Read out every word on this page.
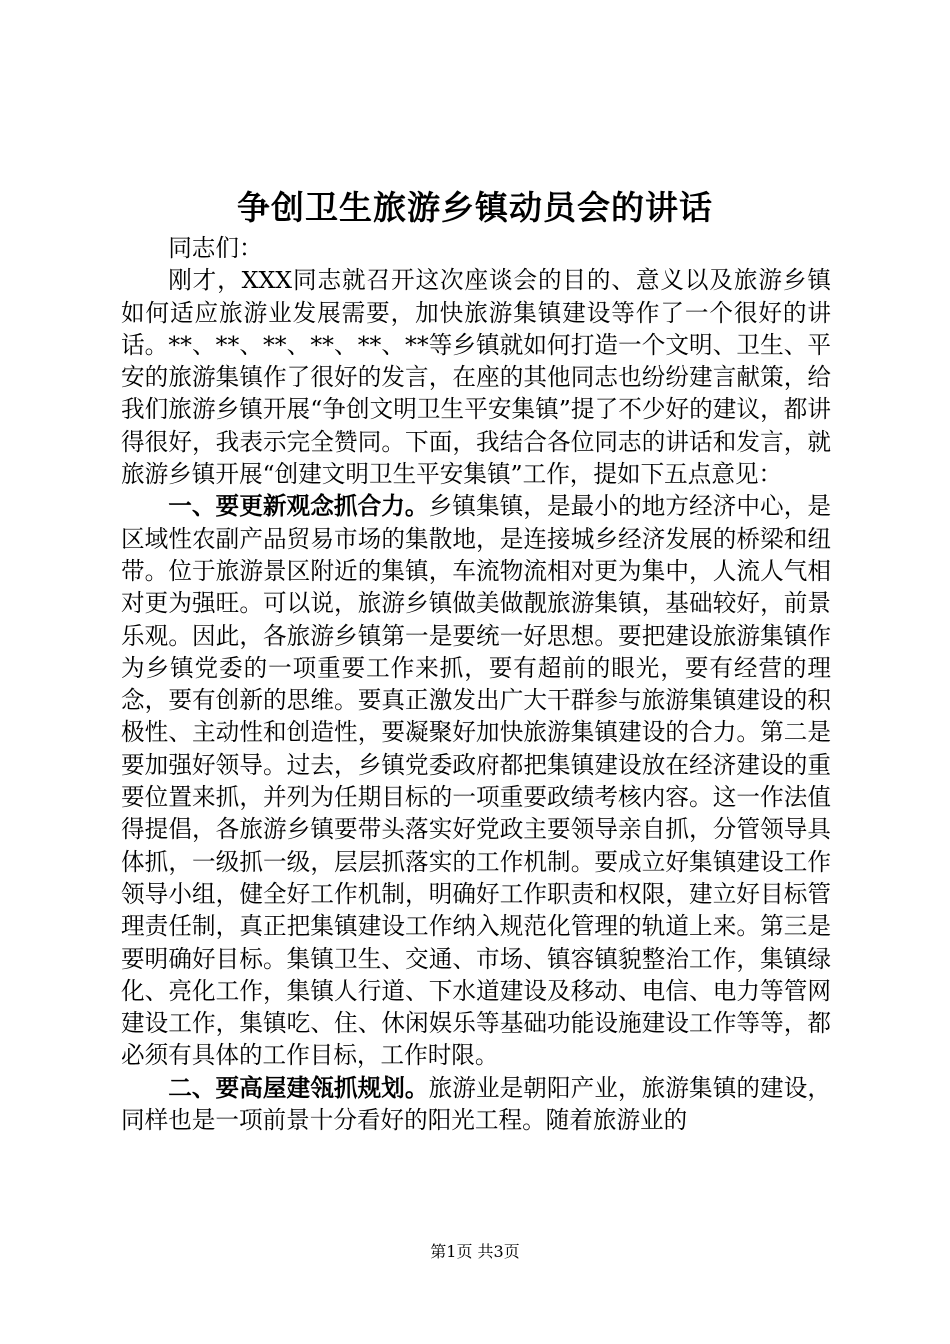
争创卫生旅游乡镇动员会的讲话

同志们：

刚才，XXX同志就召开这次座谈会的目的、意义以及旅游乡镇如何适应旅游业发展需要，加快旅游集镇建设等作了一个很好的讲话。**、**、**、**、**、**等乡镇就如何打造一个文明、卫生、平安的旅游集镇作了很好的发言，在座的其他同志也纷纷建言献策，给我们旅游乡镇开展“争创文明卫生平安集镇”提了不少好的建议，都讲得很好，我表示完全赞同。下面，我结合各位同志的讲话和发言，就旅游乡镇开展“创建文明卫生平安集镇”工作，提如下五点意见：

一、要更新观念抓合力。乡镇集镇，是最小的地方经济中心，是区域性农副产品贸易市场的集散地，是连接城乡经济发展的桥梁和纽带。位于旅游景区附近的集镇，车流物流相对更为集中，人流人气相对更为强旺。可以说，旅游乡镇做美做靓旅游集镇，基础较好，前景乐观。因此，各旅游乡镇第一是要统一好思想。要把建设旅游集镇作为乡镇党委的一项重要工作来抓，要有超前的眼光，要有经营的理念，要有创新的思维。要真正激发出广大干群参与旅游集镇建设的积极性、主动性和创造性，要凝聚好加快旅游集镇建设的合力。第二是要加强好领导。过去，乡镇党委政府都把集镇建设放在经济建设的重要位置来抓，并列为任期目标的一项重要政绩考核内容。这一作法值得提倡，各旅游乡镇要带头落实好党政主要领导亲自抓，分管领导具体抓，一级抓一级，层层抓落实的工作机制。要成立好集镇建设工作领导小组，健全好工作机制，明确好工作职责和权限，建立好目标管理责任制，真正把集镇建设工作纳入规范化管理的轨道上来。第三是要明确好目标。集镇卫生、交通、市场、镇容镇貌整治工作，集镇绿化、亮化工作，集镇人行道、下水道建设及移动、电信、电力等管网建设工作，集镇吃、住、休闲娱乐等基础功能设施建设工作等等，都必须有具体的工作目标，工作时限。

二、要高屋建瓴抓规划。旅游业是朝阳产业，旅游集镇的建设，同样也是一项前景十分看好的阳光工程。随着旅游业的

第1页 共3页
